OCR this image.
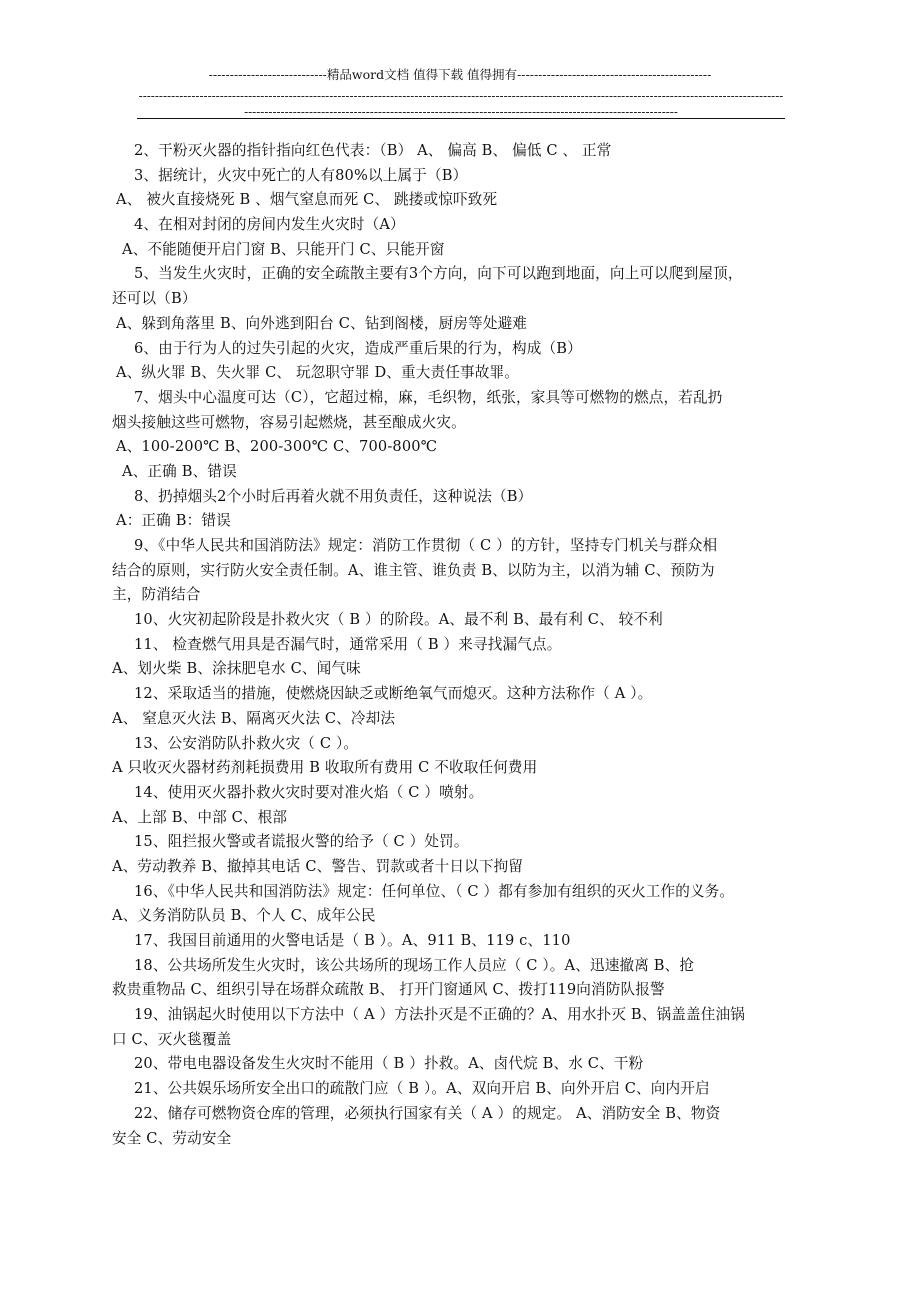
----------------------------精品word文档 值得下载 值得拥有----------------------------------------------
--------------------------------------------------------------------------------------------------------------------------------------------------------------------------------------------------------------------------------------------------------------------------
2、干粉灭火器的指针指向红色代表：（B） A、 偏高 B、 偏低 C 、 正常
3、据统计，火灾中死亡的人有80%以上属于（B）
A、 被火直接烧死 B 、烟气窒息而死 C、 跳搂或惊吓致死
4、在相对封闭的房间内发生火灾时（A）
A、不能随便开启门窗 B、只能开门 C、只能开窗
5、当发生火灾时，正确的安全疏散主要有3个方向，向下可以跑到地面，向上可以爬到屋顶，
还可以（B）
A、躲到角落里 B、向外逃到阳台 C、钻到阁楼，厨房等处避难
6、由于行为人的过失引起的火灾，造成严重后果的行为，构成（B）
A、纵火罪 B、失火罪 C、 玩忽职守罪 D、重大责任事故罪。
7、烟头中心温度可达（C），它超过棉，麻，毛织物，纸张，家具等可燃物的燃点，若乱扔
烟头接触这些可燃物，容易引起燃烧，甚至酿成火灾。
A、100-200℃ B、200-300℃ C、700-800℃
A、正确 B、错误
8、扔掉烟头2个小时后再着火就不用负责任，这种说法（B）
A：正确 B：错误
9、《中华人民共和国消防法》规定：消防工作贯彻（ C ）的方针，坚持专门机关与群众相
结合的原则，实行防火安全责任制。A、谁主管、谁负责 B、以防为主，以消为辅 C、预防为
主，防消结合
10、火灾初起阶段是扑救火灾（ B ）的阶段。A、最不利 B、最有利 C、 较不利
11、 检查燃气用具是否漏气时，通常采用（ B ）来寻找漏气点。
A、划火柴 B、涂抹肥皂水 C、闻气味
12、采取适当的措施，使燃烧因缺乏或断绝氧气而熄灭。这种方法称作（ A ）。
A、 窒息灭火法 B、隔离灭火法 C、冷却法
13、公安消防队扑救火灾（ C ）。
A 只收灭火器材药剂耗损费用 B 收取所有费用 C 不收取任何费用
14、使用灭火器扑救火灾时要对准火焰（ C ）喷射。
A、上部 B、中部 C、根部
15、阻拦报火警或者谎报火警的给予（ C ）处罚。
A、劳动教养 B、撤掉其电话 C、警告、罚款或者十日以下拘留
16、《中华人民共和国消防法》规定：任何单位、（ C ）都有参加有组织的灭火工作的义务。
A、义务消防队员 B、个人 C、成年公民
17、我国目前通用的火警电话是（ B ）。A、911 B、119 c、110
18、公共场所发生火灾时，该公共场所的现场工作人员应（ C ）。A、迅速撤离 B、抢
救贵重物品 C、组织引导在场群众疏散 B、 打开门窗通风 C、拨打119向消防队报警
19、油锅起火时使用以下方法中（ A ）方法扑灭是不正确的？A、用水扑灭 B、锅盖盖住油锅
口 C、灭火毯覆盖
20、带电电器设备发生火灾时不能用（ B ）扑救。A、卤代烷 B、水 C、干粉
21、公共娱乐场所安全出口的疏散门应（ B ）。A、双向开启 B、向外开启 C、向内开启
22、储存可燃物资仓库的管理，必须执行国家有关（ A ）的规定。 A、消防安全 B、物资
安全 C、劳动安全
